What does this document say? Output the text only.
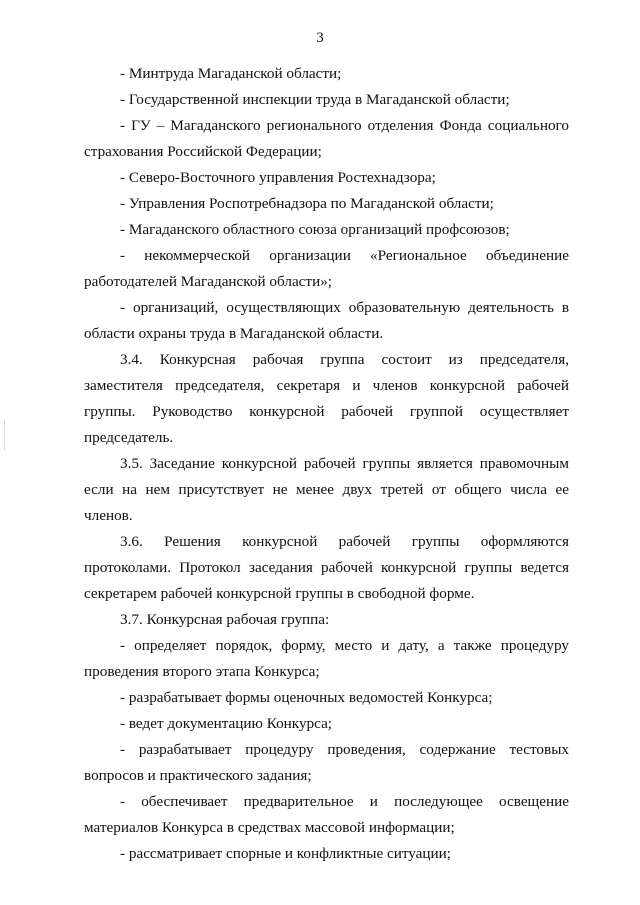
3

- Минтруда Магаданской области;

- Государственной инспекции труда в Магаданской области;

- ГУ – Магаданского регионального отделения Фонда социального страхования Российской Федерации;

- Северо-Восточного управления Ростехнадзора;

- Управления Роспотребнадзора по Магаданской области;

- Магаданского областного союза организаций профсоюзов;

- некоммерческой организации «Региональное объединение работодателей Магаданской области»;

- организаций, осуществляющих образовательную деятельность в области охраны труда в Магаданской области.

3.4. Конкурсная рабочая группа состоит из председателя, заместителя председателя, секретаря и членов конкурсной рабочей группы. Руководство конкурсной рабочей группой осуществляет председатель.

3.5. Заседание конкурсной рабочей группы является правомочным если на нем присутствует не менее двух третей от общего числа ее членов.

3.6. Решения конкурсной рабочей группы оформляются протоколами. Протокол заседания рабочей конкурсной группы ведется секретарем рабочей конкурсной группы в свободной форме.

3.7. Конкурсная рабочая группа:

- определяет порядок, форму, место и дату, а также процедуру проведения второго этапа Конкурса;

- разрабатывает формы оценочных ведомостей Конкурса;

- ведет документацию Конкурса;

- разрабатывает процедуру проведения, содержание тестовых вопросов и практического задания;

- обеспечивает предварительное и последующее освещение материалов Конкурса в средствах массовой информации;

- рассматривает спорные и конфликтные ситуации;
